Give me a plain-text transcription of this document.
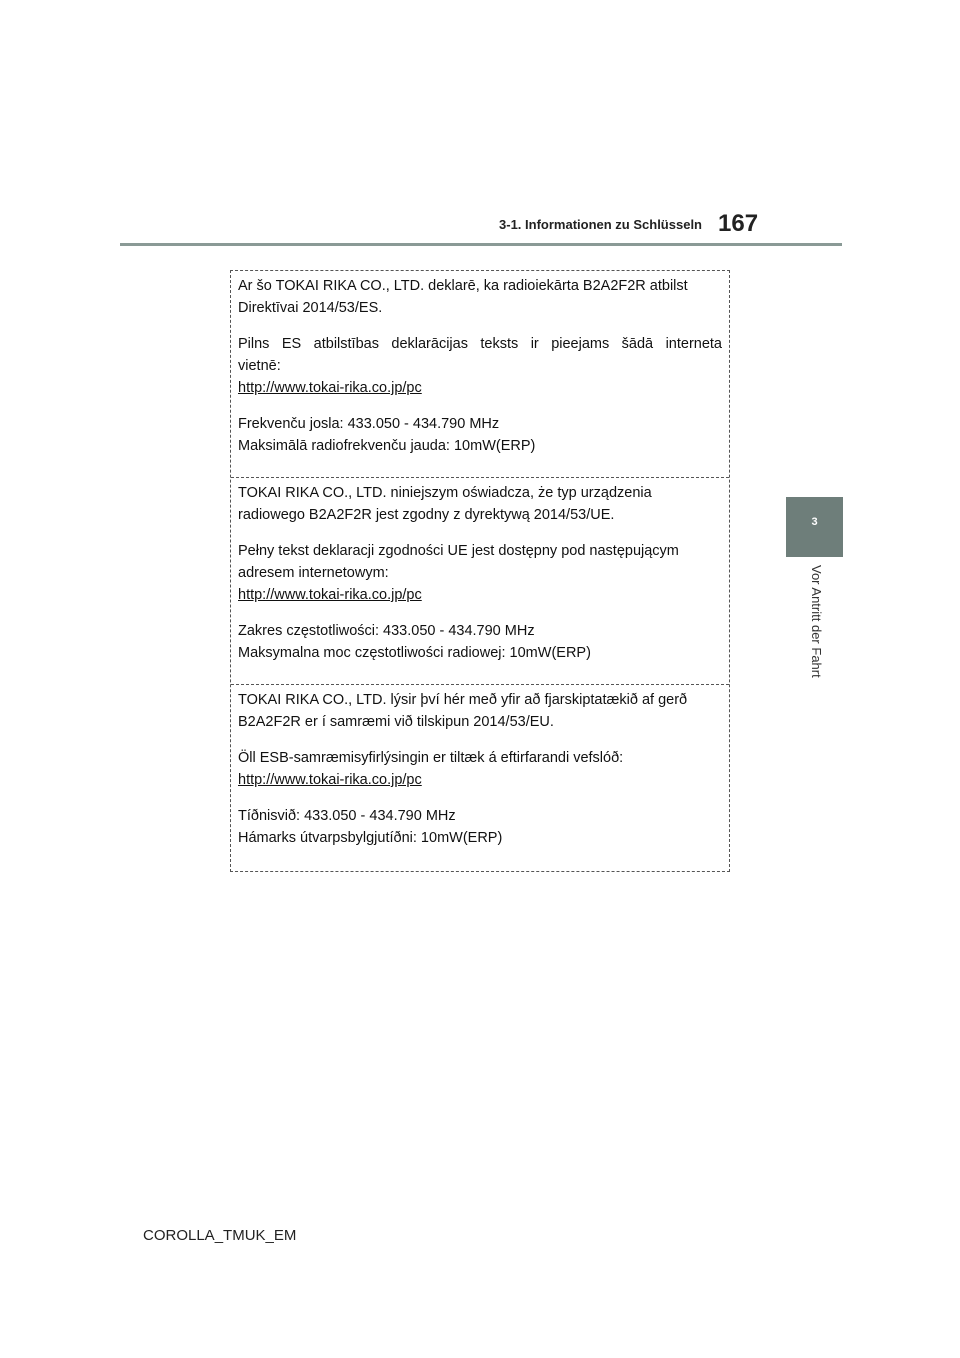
3-1. Informationen zu Schlüsseln 167
3
Vor Antritt der Fahrt

Ar šo TOKAI RIKA CO., LTD. deklarē, ka radioiekārta B2A2F2R atbilst

Direktīvai 2014/53/ES.

Pilns ES atbilstības deklarācijas teksts ir pieejams šādā interneta

vietnē:

http://www.tokai-rika.co.jp/pc

Frekvenču josla: 433.050 - 434.790 MHz

Maksimālā radiofrekvenču jauda: 10mW(ERP)

TOKAI RIKA CO., LTD. niniejszym oświadcza, że typ urządzenia

radiowego B2A2F2R jest zgodny z dyrektywą 2014/53/UE.

Pełny tekst deklaracji zgodności UE jest dostępny pod następującym

adresem internetowym:

http://www.tokai-rika.co.jp/pc

Zakres częstotliwości: 433.050 - 434.790 MHz

Maksymalna moc częstotliwości radiowej: 10mW(ERP)

TOKAI RIKA CO., LTD. lýsir því hér með yfir að fjarskiptatækið af gerð

B2A2F2R er í samræmi við tilskipun 2014/53/EU.

Öll ESB-samræmisyfirlýsingin er tiltæk á eftirfarandi vefslóð:

http://www.tokai-rika.co.jp/pc

Tíðnisvið: 433.050 - 434.790 MHz

Hámarks útvarpsbylgjutíðni: 10mW(ERP)

COROLLA_TMUK_EM
